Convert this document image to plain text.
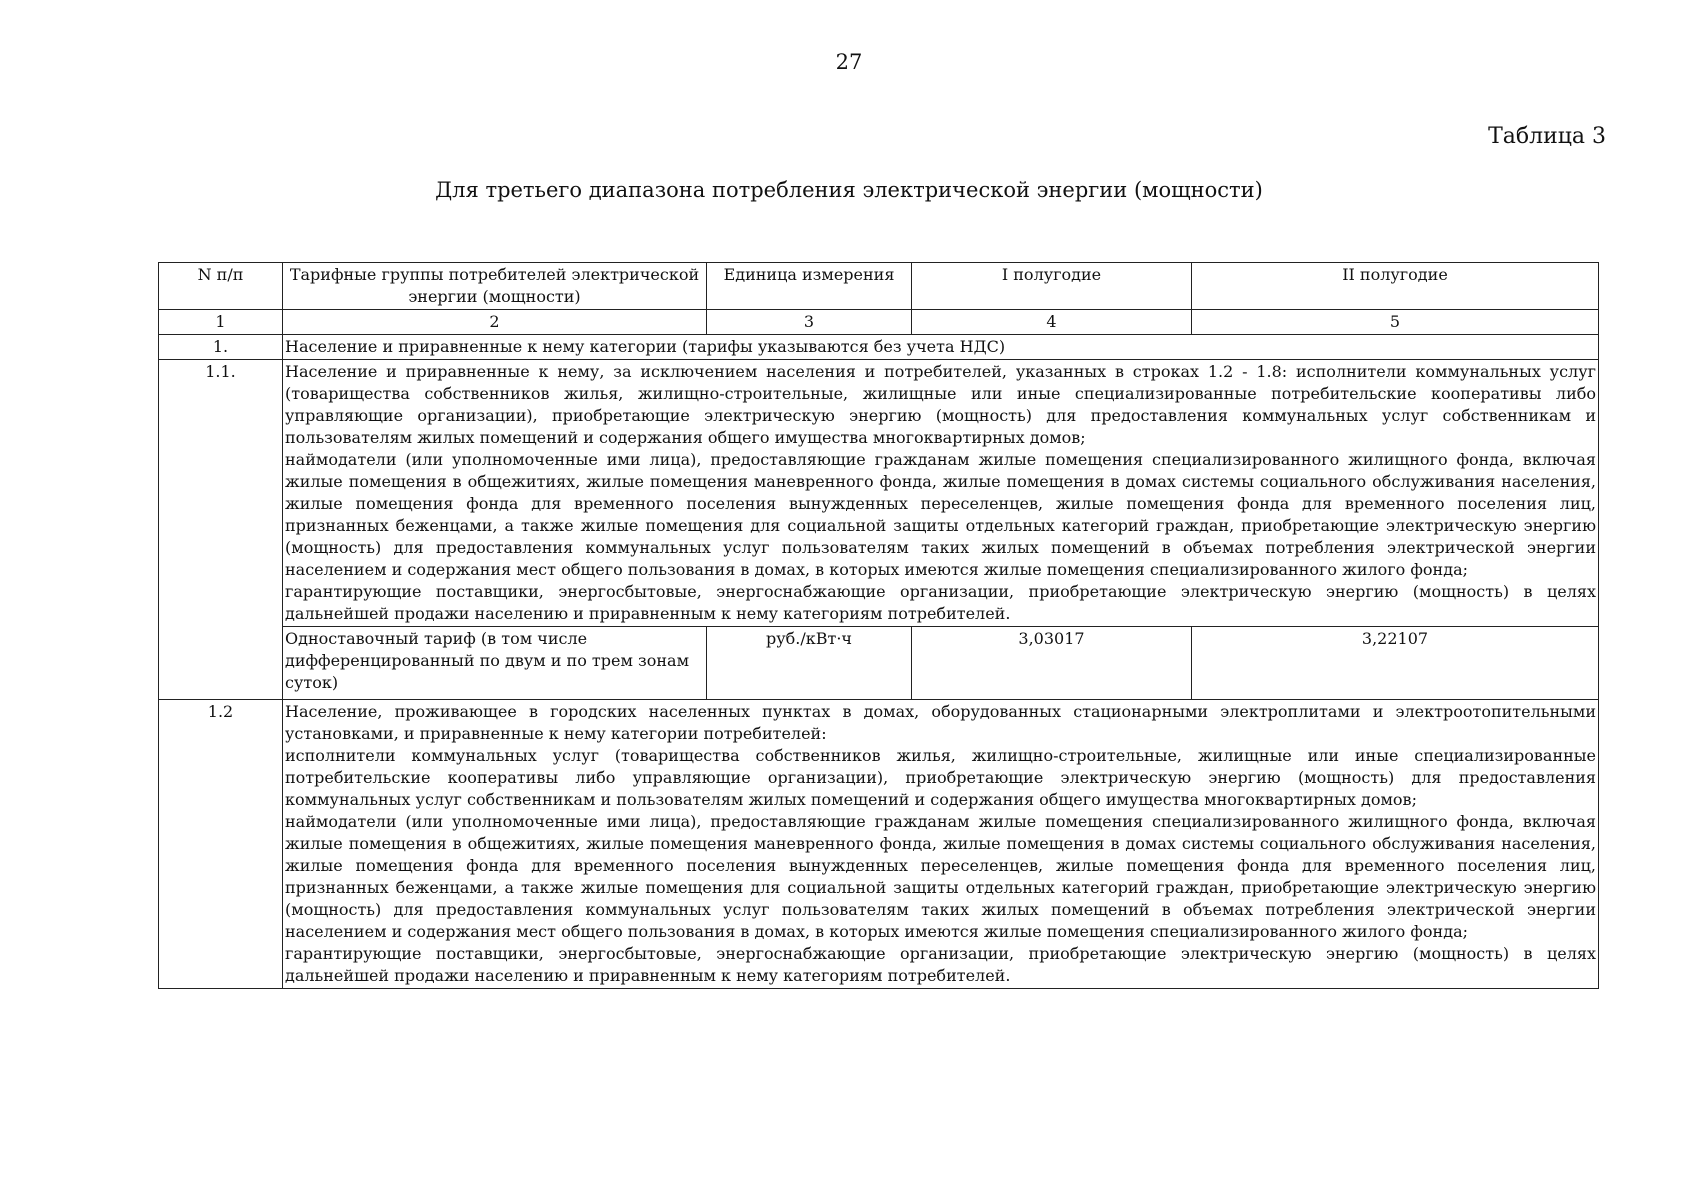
27
Таблица 3
Для третьего диапазона потребления электрической энергии (мощности)
N п/п	Тарифные группы потребителей электрической энергии (мощности)	Единица измерения	I полугодие	II полугодие
1	2	3	4	5
1.	Население и приравненные к нему категории (тарифы указываются без учета НДС)			
1.1.	Население и приравненные к нему, за исключением населения и потребителей, указанных в строках 1.2 - 1.8: исполнители коммунальных услуг (товарищества собственников жилья, жилищно-строительные, жилищные или иные специализированные потребительские кооперативы либо управляющие организации), приобретающие электрическую энергию (мощность) для предоставления коммунальных услуг собственникам и пользователям жилых помещений и содержания общего имущества многоквартирных домов;

наймодатели (или уполномоченные ими лица), предоставляющие гражданам жилые помещения специализированного жилищного фонда, включая жилые помещения в общежитиях, жилые помещения маневренного фонда, жилые помещения в домах системы социального обслуживания населения, жилые помещения фонда для временного поселения вынужденных переселенцев, жилые помещения фонда для временного поселения лиц, признанных беженцами, а также жилые помещения для социальной защиты отдельных категорий граждан, приобретающие электрическую энергию (мощность) для предоставления коммунальных услуг пользователям таких жилых помещений в объемах потребления электрической энергии населением и содержания мест общего пользования в домах, в которых имеются жилые помещения специализированного жилого фонда;

гарантирующие поставщики, энергосбытовые, энергоснабжающие организации, приобретающие электрическую энергию (мощность) в целях дальнейшей продажи населению и приравненным к нему категориям потребителей.			

	Одноставочный тариф (в том числе дифференцированный по двум и по трем зонам суток)	руб./кВт·ч	3,03017	3,22107
1.2	Население, проживающее в городских населенных пунктах в домах, оборудованных стационарными электроплитами и электроотопительными установками, и приравненные к нему категории потребителей:

исполнители коммунальных услуг (товарищества собственников жилья, жилищно-строительные, жилищные или иные специализированные потребительские кооперативы либо управляющие организации), приобретающие электрическую энергию (мощность) для предоставления коммунальных услуг собственникам и пользователям жилых помещений и содержания общего имущества многоквартирных домов;

наймодатели (или уполномоченные ими лица), предоставляющие гражданам жилые помещения специализированного жилищного фонда, включая жилые помещения в общежитиях, жилые помещения маневренного фонда, жилые помещения в домах системы социального обслуживания населения, жилые помещения фонда для временного поселения вынужденных переселенцев, жилые помещения фонда для временного поселения лиц, признанных беженцами, а также жилые помещения для социальной защиты отдельных категорий граждан, приобретающие электрическую энергию (мощность) для предоставления коммунальных услуг пользователям таких жилых помещений в объемах потребления электрической энергии населением и содержания мест общего пользования в домах, в которых имеются жилые помещения специализированного жилого фонда;

гарантирующие поставщики, энергосбытовые, энергоснабжающие организации, приобретающие электрическую энергию (мощность) в целях дальнейшей продажи населению и приравненным к нему категориям потребителей.			
